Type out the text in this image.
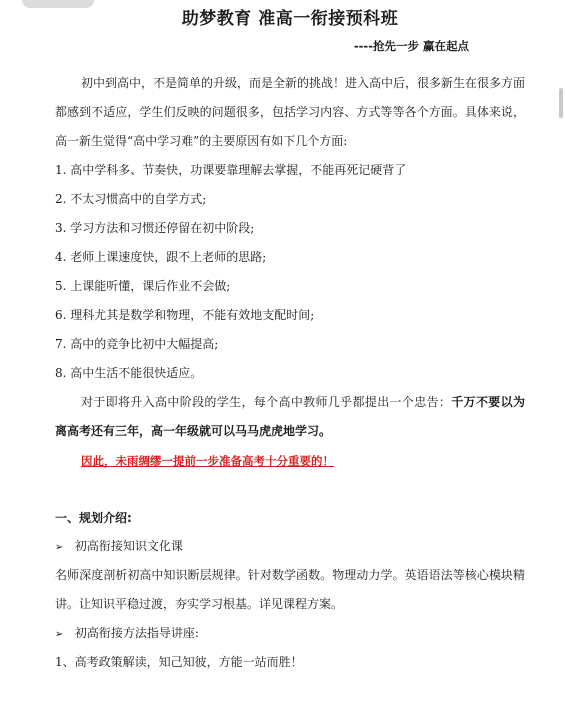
助梦教育 准高一衔接预科班
----抢先一步 赢在起点
初中到高中，不是简单的升级，而是全新的挑战！进入高中后，很多新生在很多方面都感到不适应，学生们反映的问题很多，包括学习内容、方式等等各个方面。具体来说，高一新生觉得“高中学习难”的主要原因有如下几个方面:
1. 高中学科多、节奏快，功课要靠理解去掌握，不能再死记硬背了
2. 不太习惯高中的自学方式;
3. 学习方法和习惯还停留在初中阶段;
4. 老师上课速度快，跟不上老师的思路;
5. 上课能听懂，课后作业不会做;
6. 理科尤其是数学和物理，不能有效地支配时间;
7. 高中的竞争比初中大幅提高;
8. 高中生活不能很快适应。
对于即将升入高中阶段的学生，每个高中教师几乎都提出一个忠告：千万不要以为离高考还有三年，高一年级就可以马马虎虎地学习。
因此，未雨绸缪一提前一步准备高考十分重要的！
一、规划介绍:
➢ 初高衔接知识文化课
名师深度剖析初高中知识断层规律。针对数学函数。物理动力学。英语语法等核心模块精讲。让知识平稳过渡，夯实学习根基。详见课程方案。
➢ 初高衔接方法指导讲座:
1、高考政策解读，知己知彼，方能一站而胜！
